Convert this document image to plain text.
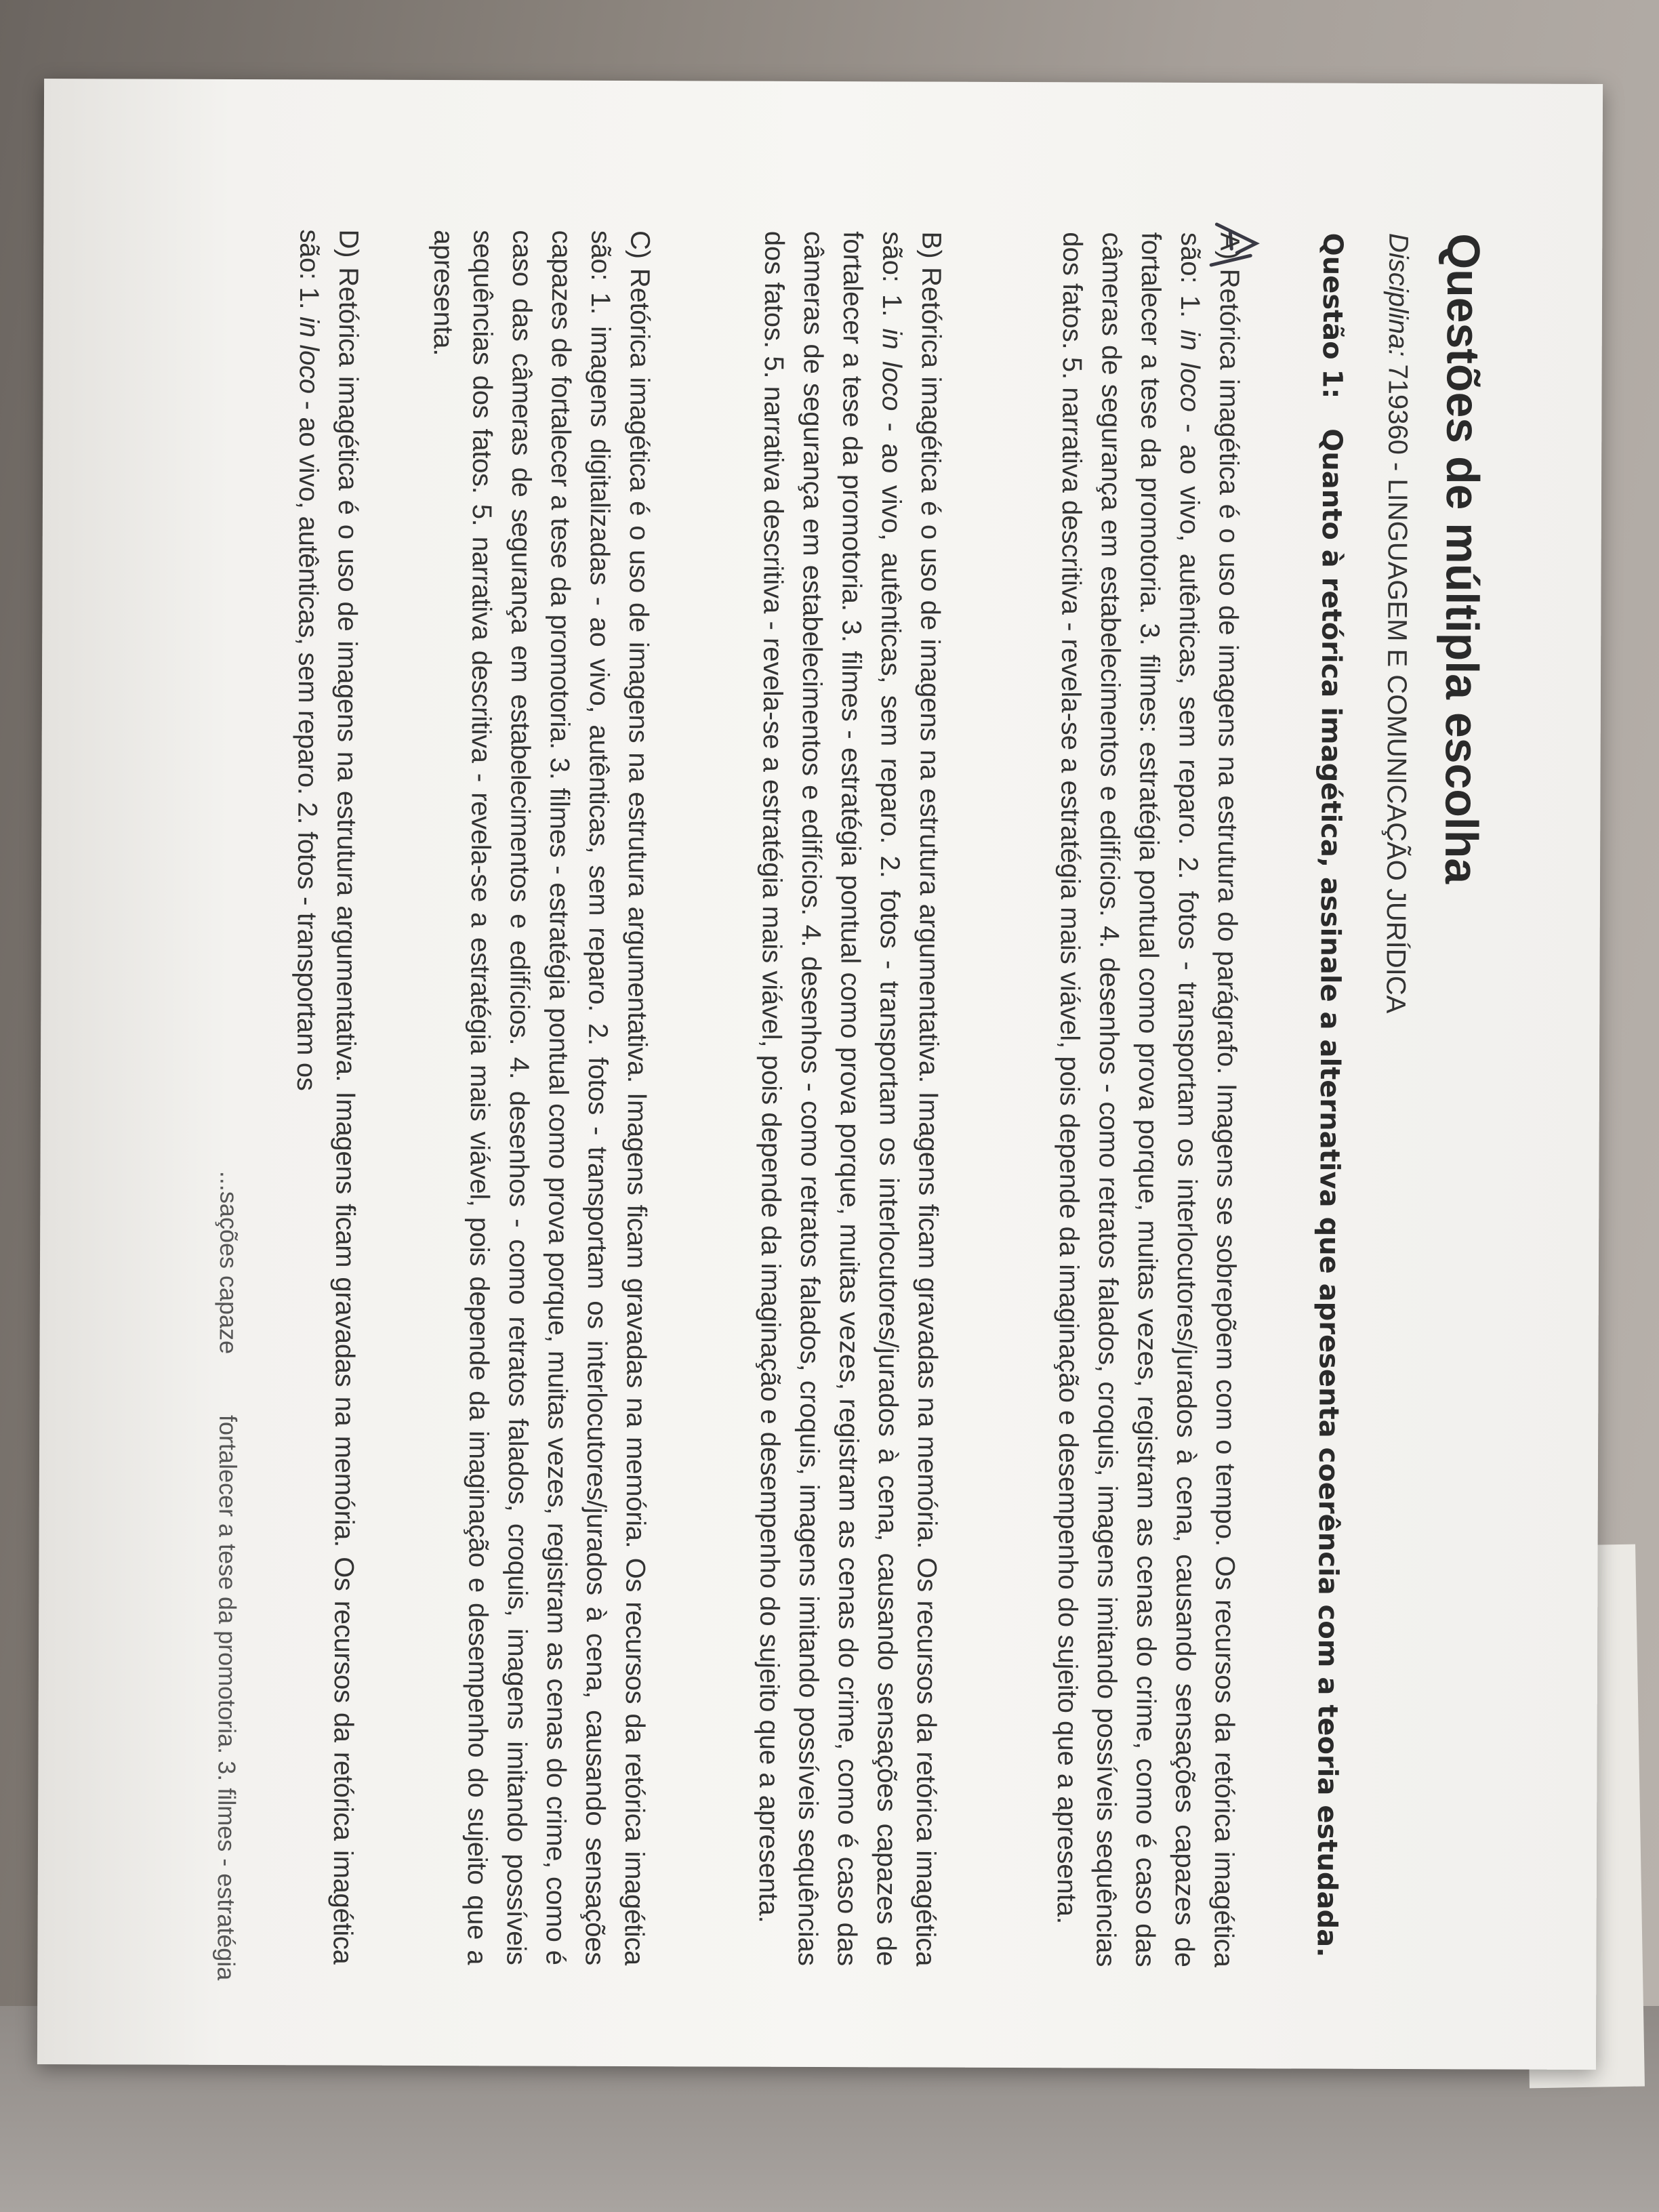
Questões de múltipla escolha

Disciplina: 719360 - LINGUAGEM E COMUNICAÇÃO JURÍDICA

Questão 1: Quanto à retórica imagética, assinale a alternativa que apresenta coerência com a teoria estudada.

A) Retórica imagética é o uso de imagens na estrutura do parágrafo. Imagens se sobrepõem com o tempo. Os recursos da retórica imagética são: 1. in loco - ao vivo, autênticas, sem reparo. 2. fotos - transportam os interlocutores/jurados à cena, causando sensações capazes de fortalecer a tese da promotoria. 3. filmes: estratégia pontual como prova porque, muitas vezes, registram as cenas do crime, como é caso das câmeras de segurança em estabelecimentos e edifícios. 4. desenhos - como retratos falados, croquis, imagens imitando possíveis sequências dos fatos. 5. narrativa descritiva - revela-se a estratégia mais viável, pois depende da imaginação e desempenho do sujeito que a apresenta.

B) Retórica imagética é o uso de imagens na estrutura argumentativa. Imagens ficam gravadas na memória. Os recursos da retórica imagética são: 1. in loco - ao vivo, autênticas, sem reparo. 2. fotos - transportam os interlocutores/jurados à cena, causando sensações capazes de fortalecer a tese da promotoria. 3. filmes - estratégia pontual como prova porque, muitas vezes, registram as cenas do crime, como é caso das câmeras de segurança em estabelecimentos e edifícios. 4. desenhos - como retratos falados, croquis, imagens imitando possíveis sequências dos fatos. 5. narrativa descritiva - revela-se a estratégia mais viável, pois depende da imaginação e desempenho do sujeito que a apresenta.

C) Retórica imagética é o uso de imagens na estrutura argumentativa. Imagens ficam gravadas na memória. Os recursos da retórica imagética são: 1. imagens digitalizadas - ao vivo, autênticas, sem reparo. 2. fotos - transportam os interlocutores/jurados à cena, causando sensações capazes de fortalecer a tese da promotoria. 3. filmes - estratégia pontual como prova porque, muitas vezes, registram as cenas do crime, como é caso das câmeras de segurança em estabelecimentos e edifícios. 4. desenhos - como retratos falados, croquis, imagens imitando possíveis sequências dos fatos. 5. narrativa descritiva - revela-se a estratégia mais viável, pois depende da imaginação e desempenho do sujeito que a apresenta.

D) Retórica imagética é o uso de imagens na estrutura argumentativa. Imagens ficam gravadas na memória. Os recursos da retórica imagética são: 1. in loco - ao vivo, autênticas, sem reparo. 2. fotos - transportam os

...sações capaze
fortalecer a tese da promotoria. 3. filmes - estratégia
